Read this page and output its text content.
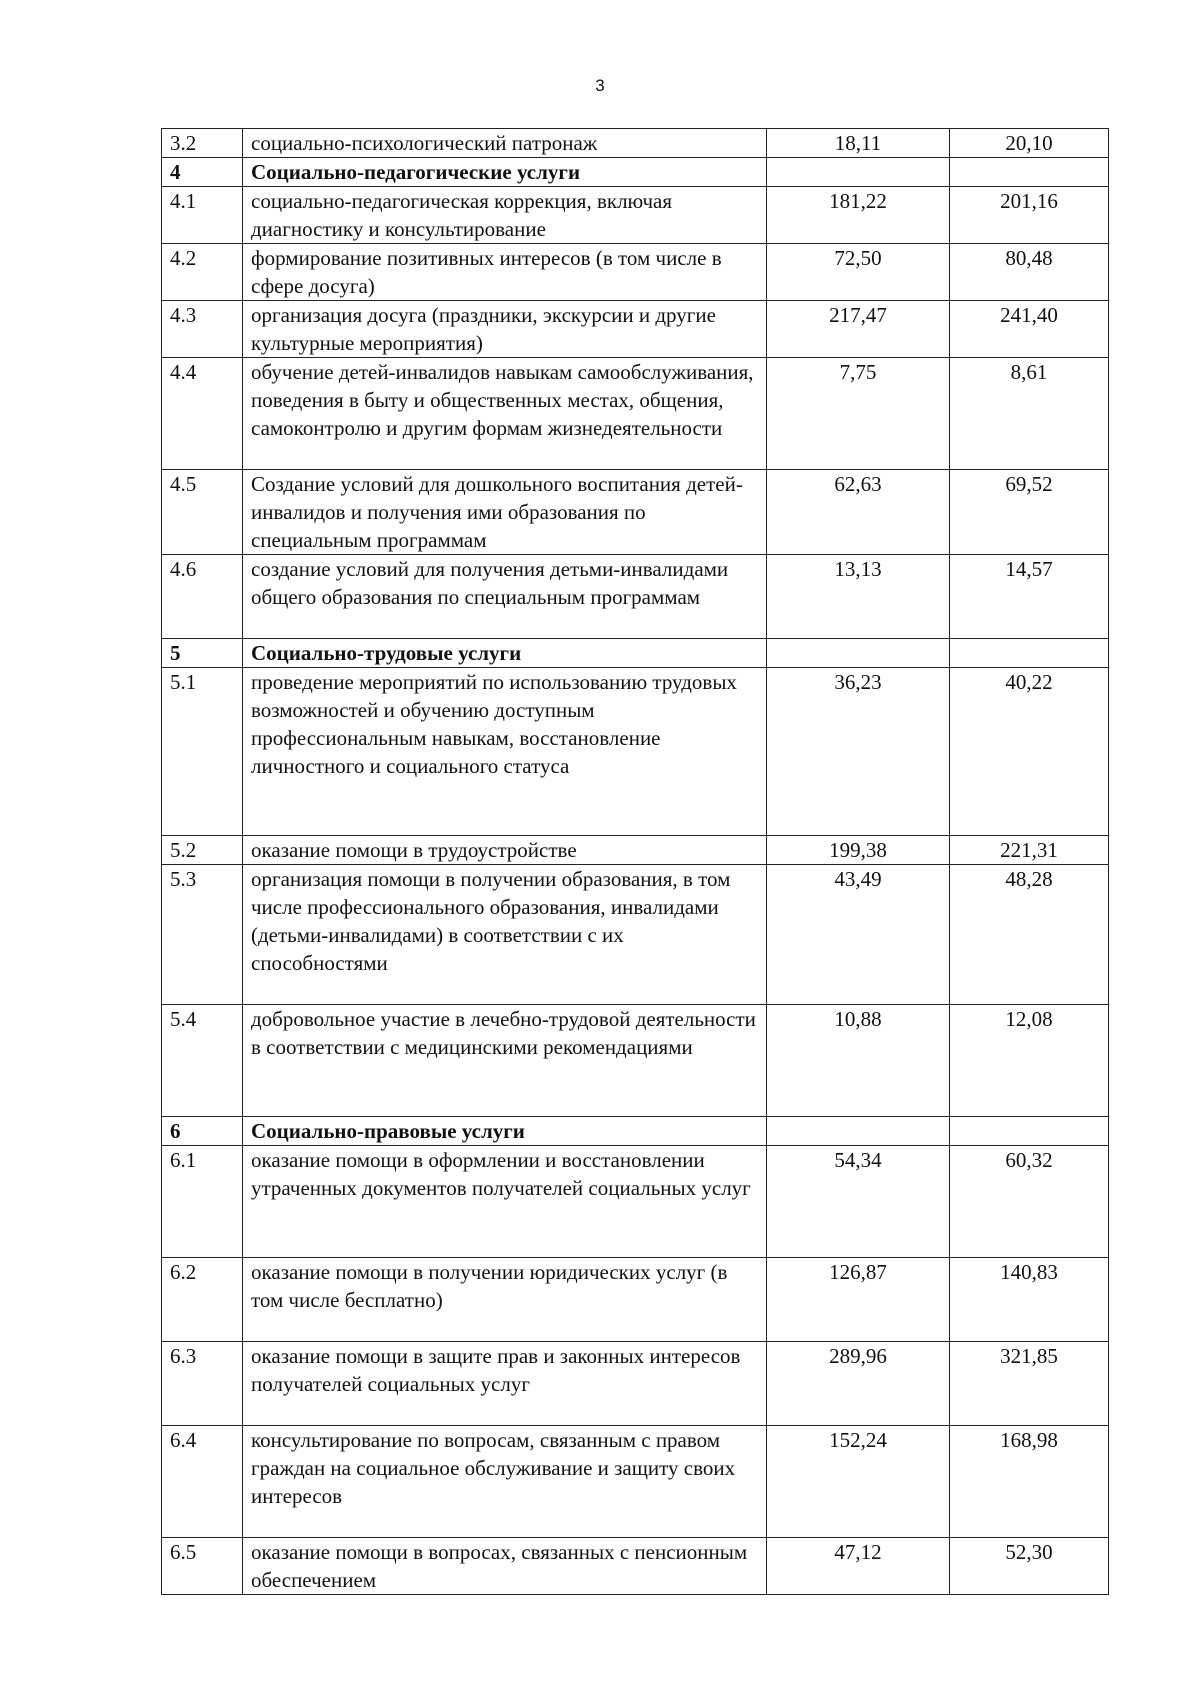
3
3.2	социально-психологический патронаж	18,11	20,10
4	Социально-педагогические услуги		
4.1	социально-педагогическая коррекция, включая диагностику и консультирование	181,22	201,16
4.2	формирование позитивных интересов (в том числе в сфере досуга)	72,50	80,48
4.3	организация досуга (праздники, экскурсии и другие культурные мероприятия)	217,47	241,40
4.4	обучение детей-инвалидов навыкам самообслуживания, поведения в быту и общественных местах, общения, самоконтролю и другим формам жизнедеятельности	7,75	8,61
4.5	Создание условий для дошкольного воспитания детей-инвалидов и получения ими образования по специальным программам	62,63	69,52
4.6	создание условий для получения детьми-инвалидами общего образования по специальным программам	13,13	14,57
5	Социально-трудовые услуги		
5.1	проведение мероприятий по использованию трудовых возможностей и обучению доступным профессиональным навыкам, восстановление личностного и социального статуса	36,23	40,22
5.2	оказание помощи в трудоустройстве	199,38	221,31
5.3	организация помощи в получении образования, в том числе профессионального образования, инвалидами (детьми-инвалидами) в соответствии с их способностями	43,49	48,28
5.4	добровольное участие в лечебно-трудовой деятельности в соответствии с медицинскими рекомендациями	10,88	12,08
6	Социально-правовые услуги		
6.1	оказание помощи в оформлении и восстановлении утраченных документов получателей социальных услуг	54,34	60,32
6.2	оказание помощи в получении юридических услуг (в том числе бесплатно)	126,87	140,83
6.3	оказание помощи в защите прав и законных интересов получателей социальных услуг	289,96	321,85
6.4	консультирование по вопросам, связанным с правом граждан на социальное обслуживание и защиту своих интересов	152,24	168,98
6.5	оказание помощи в вопросах, связанных с пенсионным обеспечением	47,12	52,30
